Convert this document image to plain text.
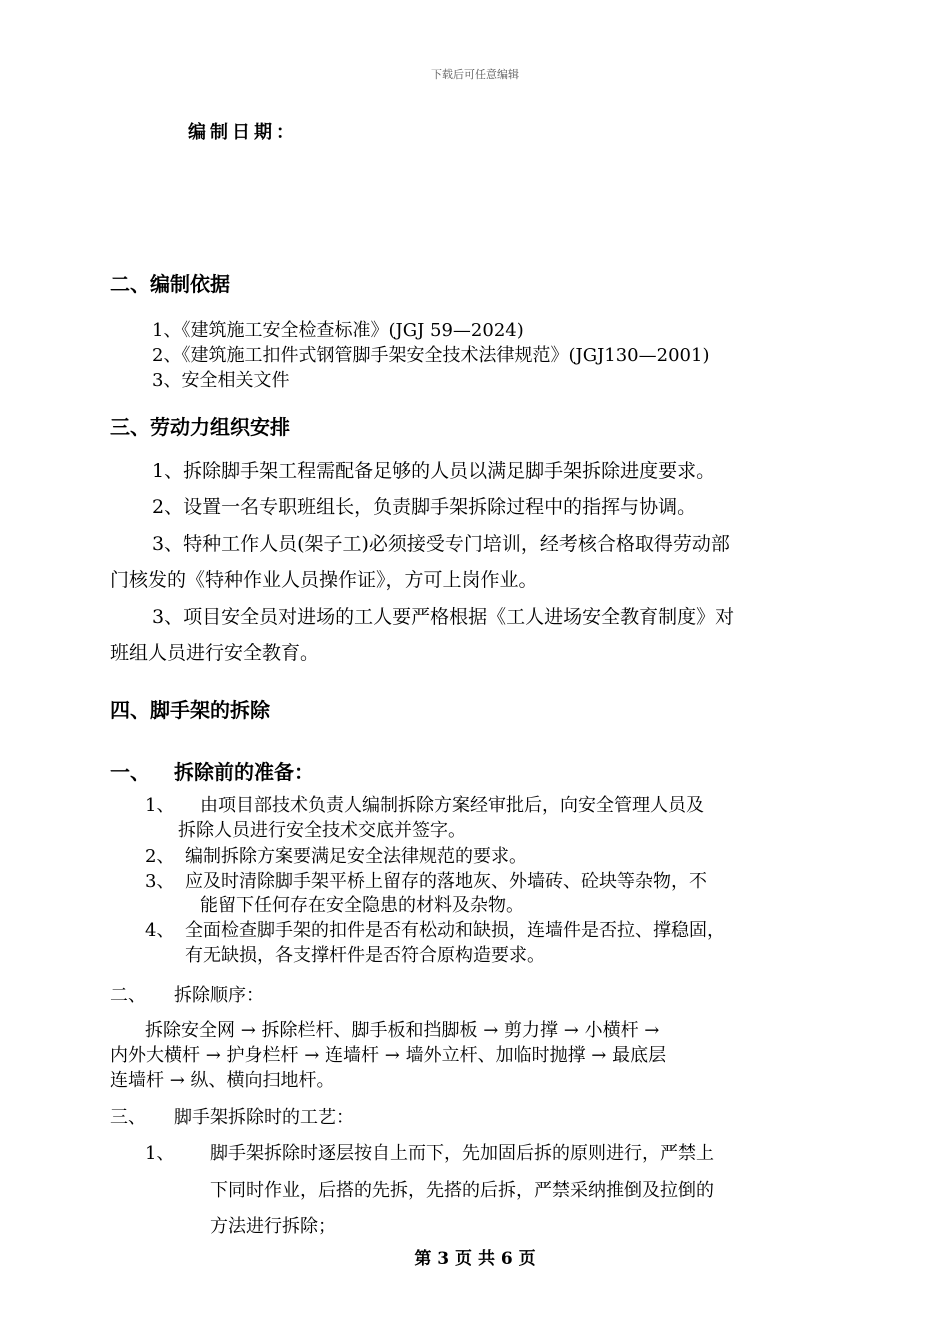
下载后可任意编辑
编制日期：
二、编制依据
1、《建筑施工安全检查标准》(JGJ 59—2024)
2、《建筑施工扣件式钢管脚手架安全技术法律规范》(JGJ130—2001)
3、安全相关文件
三、劳动力组织安排
1、拆除脚手架工程需配备足够的人员以满足脚手架拆除进度要求。
2、设置一名专职班组长，负责脚手架拆除过程中的指挥与协调。
3、特种工作人员(架子工)必须接受专门培训，经考核合格取得劳动部
门核发的《特种作业人员操作证》，方可上岗作业。
3、项目安全员对进场的工人要严格根据《工人进场安全教育制度》对
班组人员进行安全教育。
四、脚手架的拆除
一、 拆除前的准备：
1、 由项目部技术负责人编制拆除方案经审批后，向安全管理人员及
拆除人员进行安全技术交底并签字。
2、 编制拆除方案要满足安全法律规范的要求。
3、 应及时清除脚手架平桥上留存的落地灰、外墙砖、砼块等杂物，不
能留下任何存在安全隐患的材料及杂物。
4、 全面检查脚手架的扣件是否有松动和缺损，连墙件是否拉、撑稳固，
有无缺损，各支撑杆件是否符合原构造要求。
二、 拆除顺序：
拆除安全网 → 拆除栏杆、脚手板和挡脚板 → 剪力撑 → 小横杆 →
内外大横杆 → 护身栏杆 → 连墙杆 → 墙外立杆、加临时抛撑 → 最底层
连墙杆 → 纵、横向扫地杆。
三、 脚手架拆除时的工艺：
1、 脚手架拆除时逐层按自上而下，先加固后拆的原则进行，严禁上
下同时作业，后搭的先拆，先搭的后拆，严禁采纳推倒及拉倒的
方法进行拆除；
第 3 页 共 6 页
